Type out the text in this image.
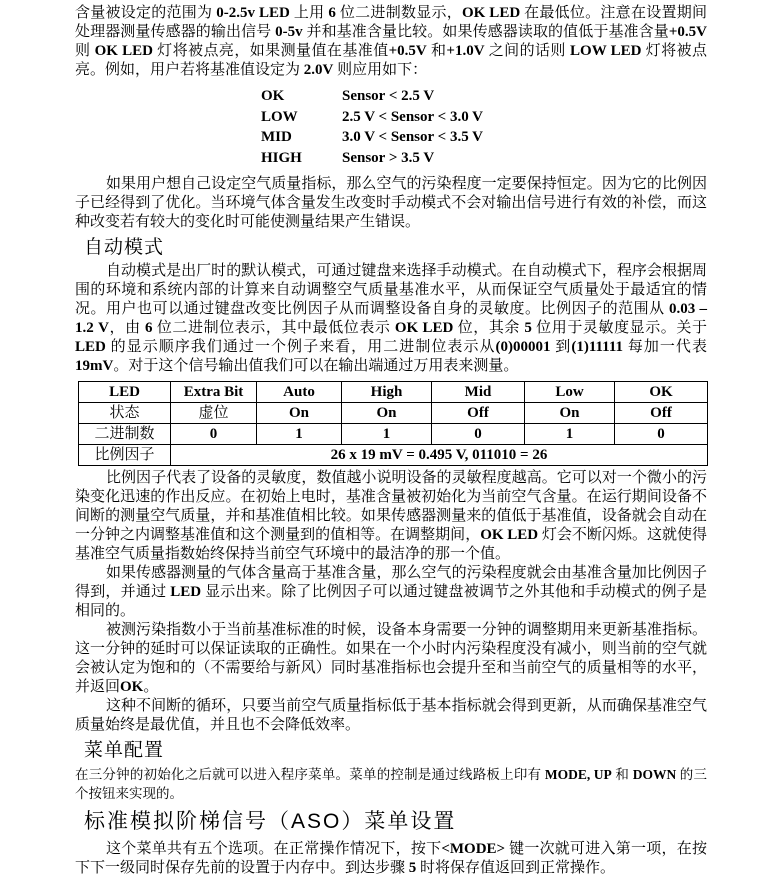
含量被设定的范围为 0-2.5v LED 上用 6 位二进制数显示，OK LED 在最低位。注意在设置期间处理器测量传感器的输出信号 0-5v 并和基准含量比较。如果传感器读取的值低于基准含量+0.5V 则 OK LED 灯将被点亮，如果测量值在基准值+0.5V 和+1.0V 之间的话则 LOW LED 灯将被点亮。例如，用户若将基准值设定为 2.0V 则应用如下：

OK	Sensor < 2.5 V
LOW	2.5 V < Sensor < 3.0 V
MID	3.0 V < Sensor < 3.5 V
HIGH	Sensor > 3.5 V

如果用户想自己设定空气质量指标，那么空气的污染程度一定要保持恒定。因为它的比例因子已经得到了优化。当环境气体含量发生改变时手动模式不会对输出信号进行有效的补偿，而这种改变若有较大的变化时可能使测量结果产生错误。

自动模式

自动模式是出厂时的默认模式，可通过键盘来选择手动模式。在自动模式下，程序会根据周围的环境和系统内部的计算来自动调整空气质量基准水平，从而保证空气质量处于最适宜的情况。用户也可以通过键盘改变比例因子从而调整设备自身的灵敏度。比例因子的范围从 0.03 – 1.2 V，由 6 位二进制位表示，其中最低位表示 OK LED 位，其余 5 位用于灵敏度显示。关于 LED 的显示顺序我们通过一个例子来看，用二进制位表示从(0)00001 到(1)11111 每加一代表 19mV。对于这个信号输出值我们可以在输出端通过万用表来测量。

LED	Extra Bit	Auto	High	Mid	Low	OK
状态	虚位	On	On	Off	On	Off
二进制数	0	1	1	0	1	0
比例因子	26 x 19 mV = 0.495 V, 011010 = 26					

比例因子代表了设备的灵敏度，数值越小说明设备的灵敏程度越高。它可以对一个微小的污染变化迅速的作出反应。在初始上电时，基准含量被初始化为当前空气含量。在运行期间设备不间断的测量空气质量，并和基准值相比较。如果传感器测量来的值低于基准值，设备就会自动在一分钟之内调整基准值和这个测量到的值相等。在调整期间，OK LED 灯会不断闪烁。这就使得基准空气质量指数始终保持当前空气环境中的最洁净的那一个值。

如果传感器测量的气体含量高于基准含量，那么空气的污染程度就会由基准含量加比例因子得到，并通过 LED 显示出来。除了比例因子可以通过键盘被调节之外其他和手动模式的例子是相同的。

被测污染指数小于当前基准标准的时候，设备本身需要一分钟的调整期用来更新基准指标。这一分钟的延时可以保证读取的正确性。如果在一个小时内污染程度没有减小，则当前的空气就会被认定为饱和的（不需要给与新风）同时基准指标也会提升至和当前空气的质量相等的水平，并返回OK。

这种不间断的循环，只要当前空气质量指标低于基本指标就会得到更新，从而确保基准空气质量始终是最优值，并且也不会降低效率。

菜单配置

在三分钟的初始化之后就可以进入程序菜单。菜单的控制是通过线路板上印有 MODE, UP 和 DOWN 的三个按钮来实现的。

标准模拟阶梯信号（ASO）菜单设置

这个菜单共有五个选项。在正常操作情况下，按下<MODE> 键一次就可进入第一项，在按下下一级同时保存先前的设置于内存中。到达步骤 5 时将保存值返回到正常操作。
